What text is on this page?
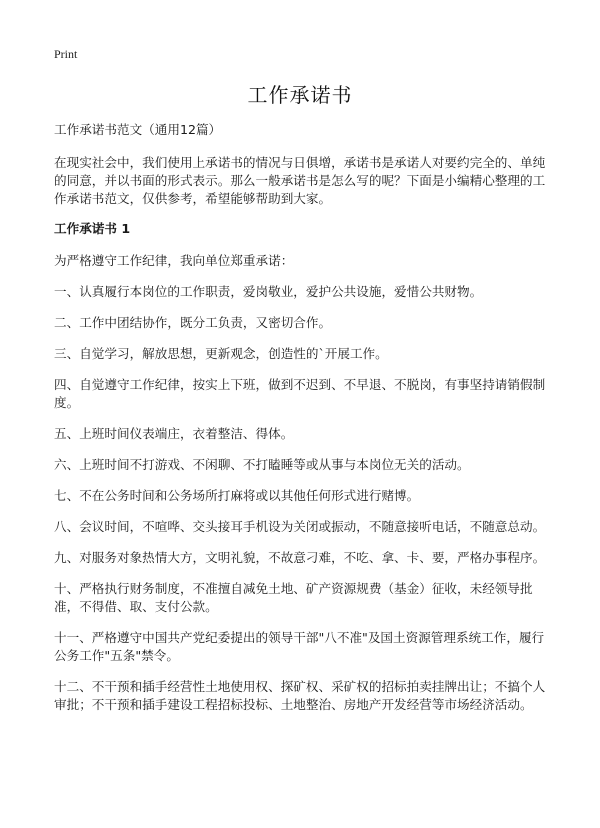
Print
工作承诺书

工作承诺书范文（通用12篇）

在现实社会中，我们使用上承诺书的情况与日俱增，承诺书是承诺人对要约完全的、单纯的同意，并以书面的形式表示。那么一般承诺书是怎么写的呢？下面是小编精心整理的工作承诺书范文，仅供参考，希望能够帮助到大家。

工作承诺书 1

为严格遵守工作纪律，我向单位郑重承诺：

一、认真履行本岗位的工作职责，爱岗敬业，爱护公共设施，爱惜公共财物。

二、工作中团结协作，既分工负责，又密切合作。

三、自觉学习，解放思想，更新观念，创造性的`开展工作。

四、自觉遵守工作纪律，按实上下班，做到不迟到、不早退、不脱岗，有事坚持请销假制度。

五、上班时间仪表端庄，衣着整洁、得体。

六、上班时间不打游戏、不闲聊、不打瞌睡等或从事与本岗位无关的活动。

七、不在公务时间和公务场所打麻将或以其他任何形式进行赌博。

八、会议时间，不喧哗、交头接耳手机设为关闭或振动，不随意接听电话，不随意总动。

九、对服务对象热情大方，文明礼貌，不故意刁难，不吃、拿、卡、要，严格办事程序。

十、严格执行财务制度，不准擅自减免土地、矿产资源规费（基金）征收，未经领导批准，不得借、取、支付公款。

十一、严格遵守中国共产党纪委提出的领导干部"八不准"及国土资源管理系统工作，履行公务工作"五条"禁令。

十二、不干预和插手经营性土地使用权、探矿权、采矿权的招标拍卖挂牌出让；不搞个人审批；不干预和插手建设工程招标投标、土地整治、房地产开发经营等市场经济活动。
